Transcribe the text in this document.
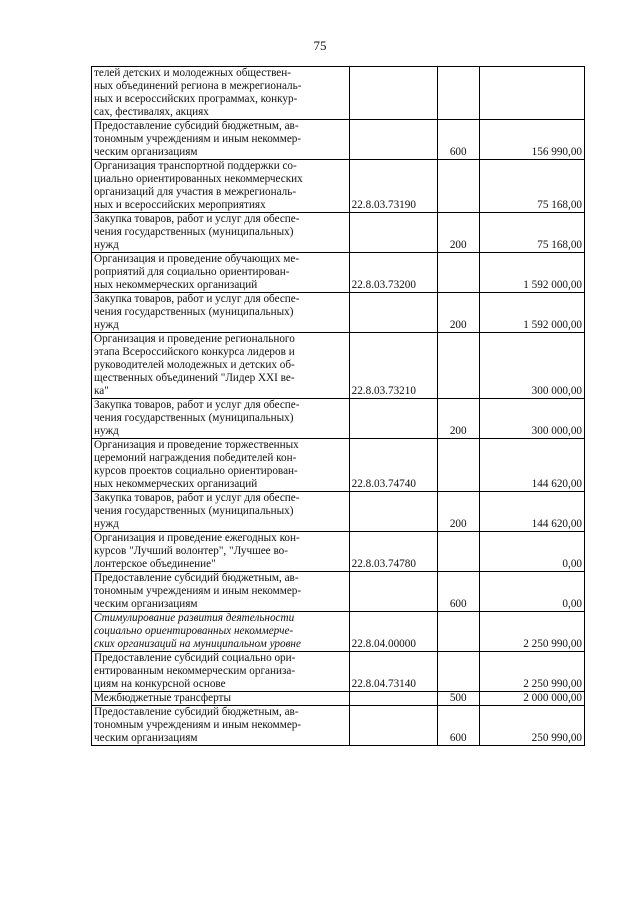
75
телей детских и молодежных обществен-
ных объединений региона в межрегиональ-
ных и всероссийских программах, конкур-
сах, фестивалях, акциях			

Предоставление субсидий бюджетным, ав-
тономным учреждениям и иным некоммер-
ческим организациям		600	156 990,00

Организация транспортной поддержки со-
циально ориентированных некоммерческих
организаций для участия в межрегиональ-
ных и всероссийских мероприятиях	22.8.03.73190		75 168,00

Закупка товаров, работ и услуг для обеспе-
чения государственных (муниципальных)
нужд		200	75 168,00

Организация и проведение обучающих ме-
роприятий для социально ориентирован-
ных некоммерческих организаций	22.8.03.73200		1 592 000,00

Закупка товаров, работ и услуг для обеспе-
чения государственных (муниципальных)
нужд		200	1 592 000,00

Организация и проведение регионального
этапа Всероссийского конкурса лидеров и
руководителей молодежных и детских об-
щественных объединений "Лидер XXI ве-
ка"	22.8.03.73210		300 000,00

Закупка товаров, работ и услуг для обеспе-
чения государственных (муниципальных)
нужд		200	300 000,00

Организация и проведение торжественных
церемоний награждения победителей кон-
курсов проектов социально ориентирован-
ных некоммерческих организаций	22.8.03.74740		144 620,00

Закупка товаров, работ и услуг для обеспе-
чения государственных (муниципальных)
нужд		200	144 620,00

Организация и проведение ежегодных кон-
курсов "Лучший волонтер", "Лучшее во-
лонтерское объединение"	22.8.03.74780		0,00

Предоставление субсидий бюджетным, ав-
тономным учреждениям и иным некоммер-
ческим организациям		600	0,00

Стимулирование развития деятельности
социально ориентированных некоммерче-
ских организаций на муниципальном уровне	22.8.04.00000		2 250 990,00

Предоставление субсидий социально ори-
ентированным некоммерческим организа-
циям на конкурсной основе	22.8.04.73140		2 250 990,00

Межбюджетные трансферты		500	2 000 000,00

Предоставление субсидий бюджетным, ав-
тономным учреждениям и иным некоммер-
ческим организациям		600	250 990,00
